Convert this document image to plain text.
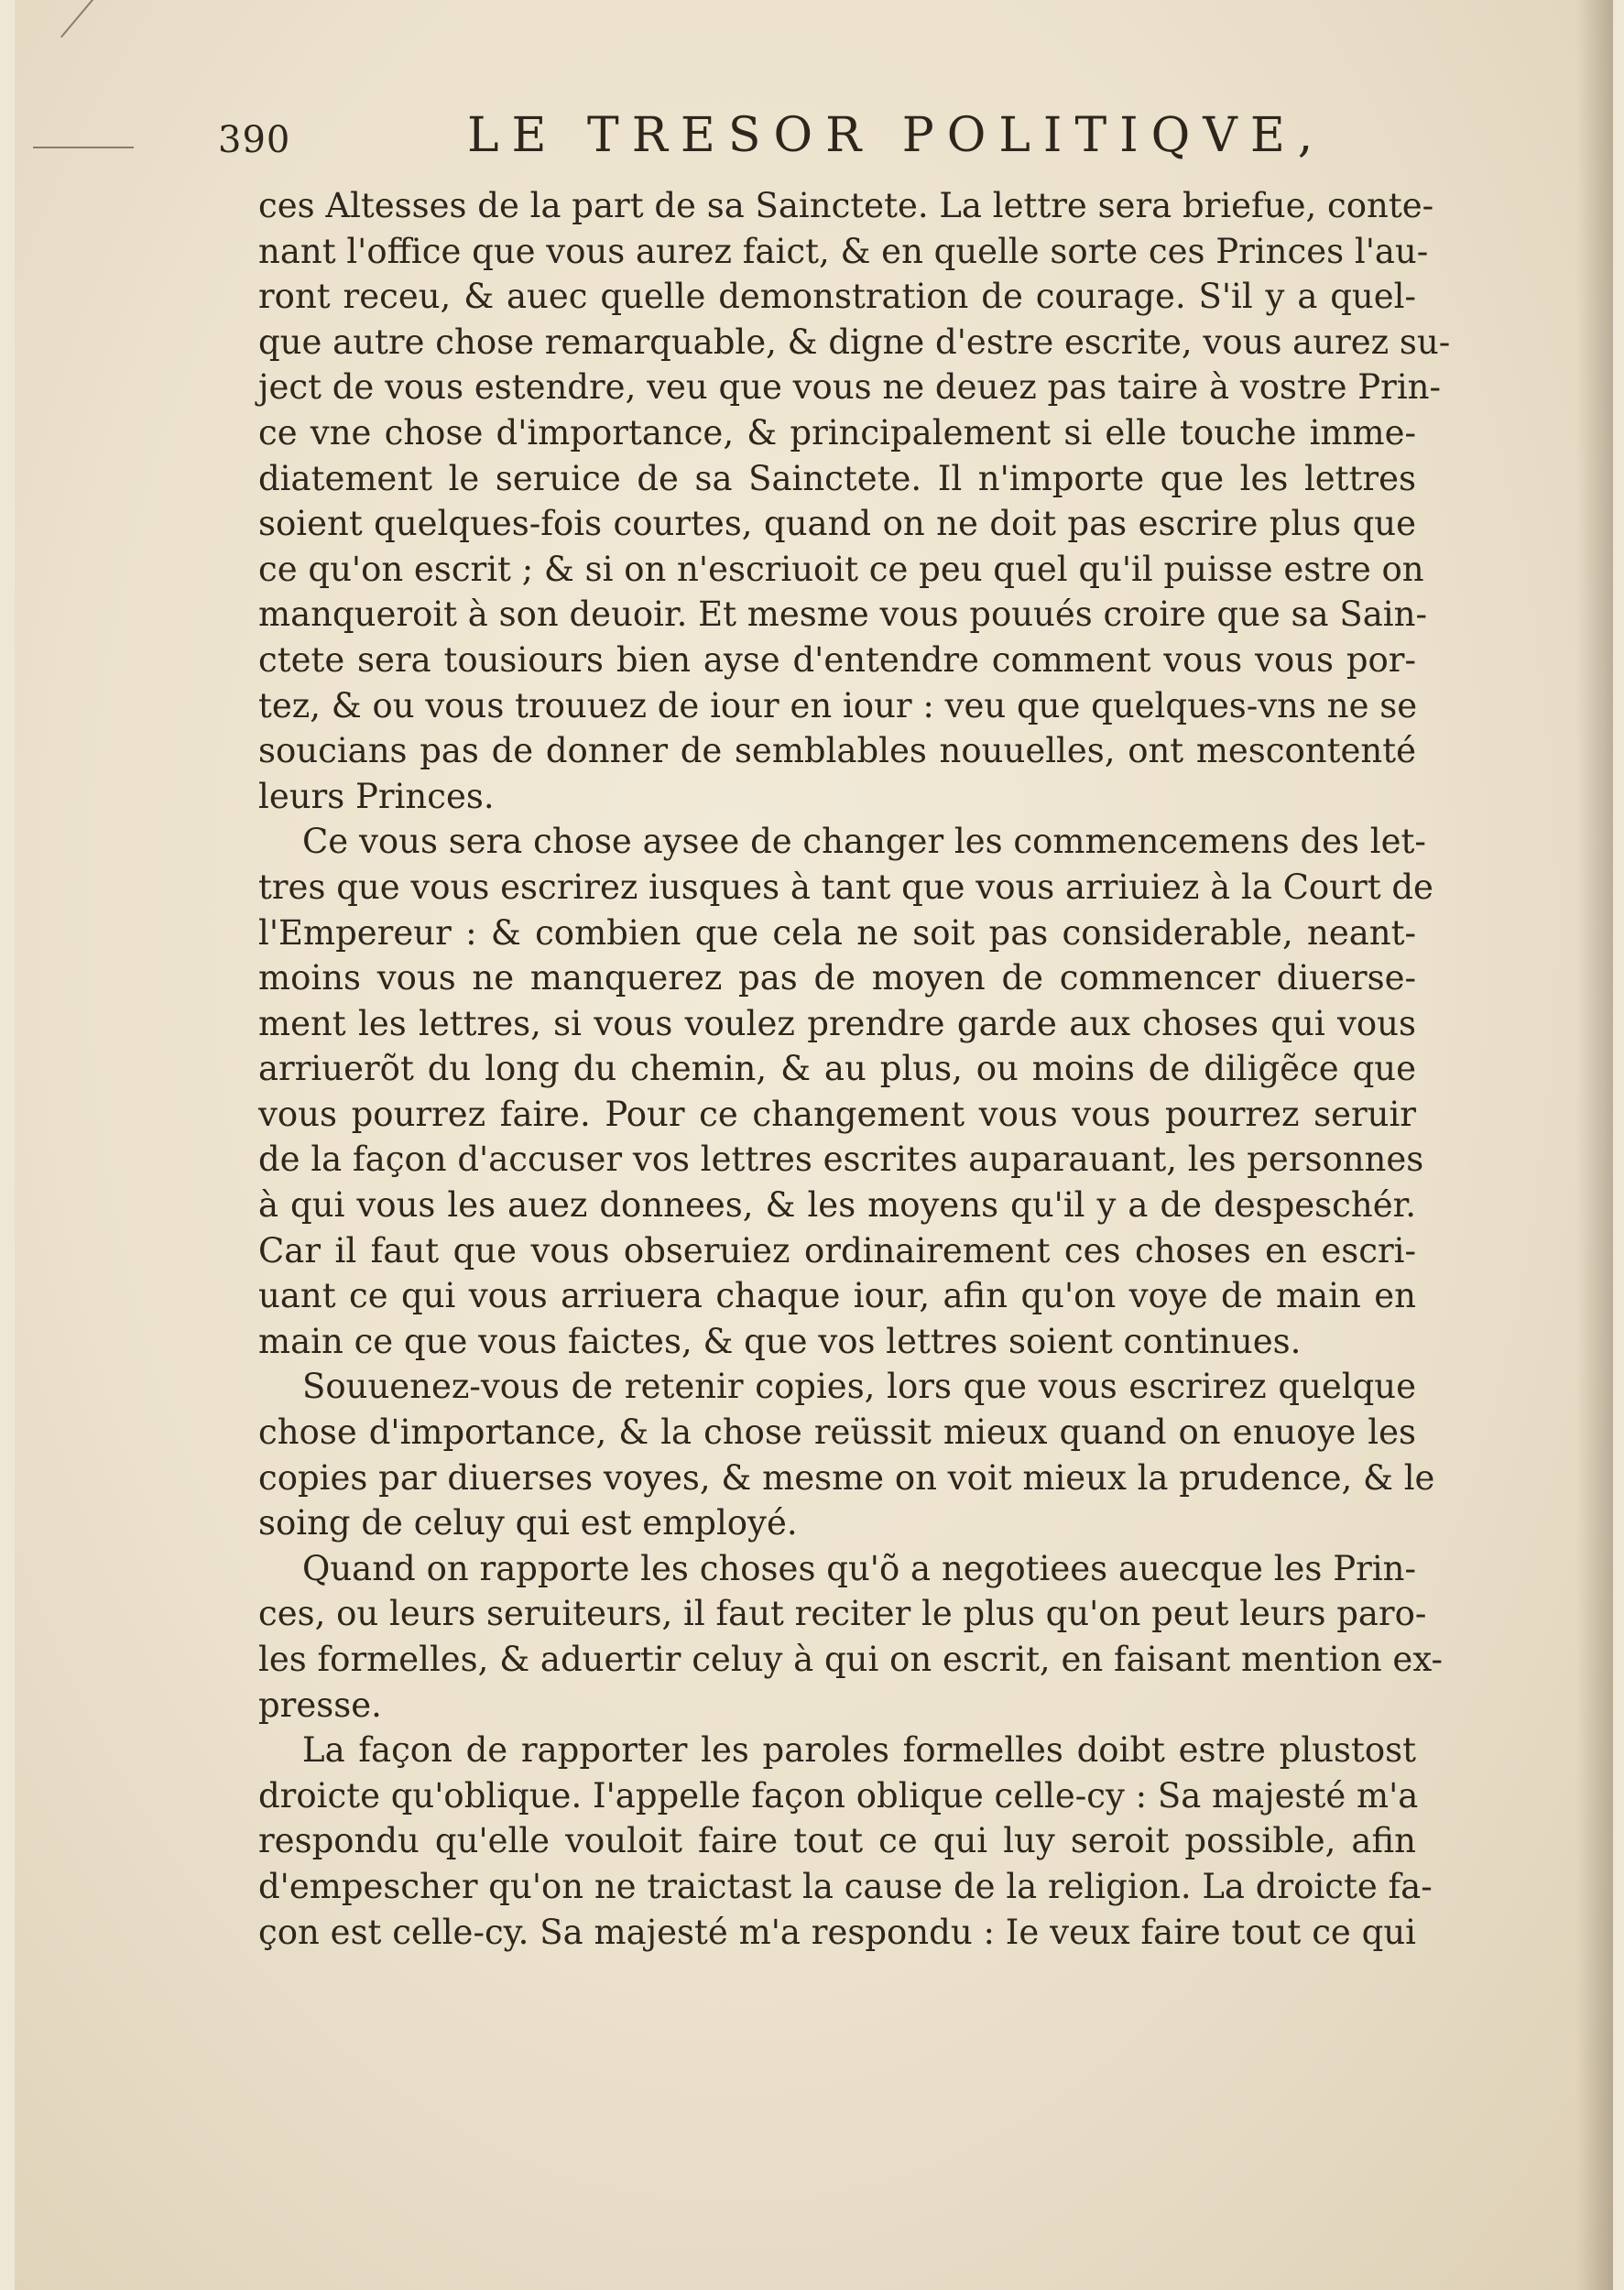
390	LE TRESOR POLITIQVE,
ces Altesses de la part de sa Sainctete. La lettre sera briefue, conte-
nant l'office que vous aurez faict, & en quelle sorte ces Princes l'au-
ront receu, & auec quelle demonstration de courage. S'il y a quel-
que autre chose remarquable, & digne d'estre escrite, vous aurez su-
ject de vous estendre, veu que vous ne deuez pas taire à vostre Prin-
ce vne chose d'importance, & principalement si elle touche imme-
diatement le seruice de sa Sainctete. Il n'importe que les lettres
soient quelques-fois courtes, quand on ne doit pas escrire plus que
ce qu'on escrit ; & si on n'escriuoit ce peu quel qu'il puisse estre on
manqueroit à son deuoir. Et mesme vous pouués croire que sa Sain-
ctete sera tousiours bien ayse d'entendre comment vous vous por-
tez, & ou vous trouuez de iour en iour : veu que quelques-vns ne se
soucians pas de donner de semblables nouuelles, ont mescontenté
leurs Princes.
Ce vous sera chose aysee de changer les commencemens des let-
tres que vous escrirez iusques à tant que vous arriuiez à la Court de
l'Empereur : & combien que cela ne soit pas considerable, neant-
moins vous ne manquerez pas de moyen de commencer diuerse-
ment les lettres, si vous voulez prendre garde aux choses qui vous
arriuerõt du long du chemin, & au plus, ou moins de diligẽce que
vous pourrez faire. Pour ce changement vous vous pourrez seruir
de la façon d'accuser vos lettres escrites auparauant, les personnes
à qui vous les auez donnees, & les moyens qu'il y a de despeschér.
Car il faut que vous obseruiez ordinairement ces choses en escri-
uant ce qui vous arriuera chaque iour, afin qu'on voye de main en
main ce que vous faictes, & que vos lettres soient continues.
Souuenez-vous de retenir copies, lors que vous escrirez quelque
chose d'importance, & la chose reüssit mieux quand on enuoye les
copies par diuerses voyes, & mesme on voit mieux la prudence, & le
soing de celuy qui est employé.
Quand on rapporte les choses qu'õ a negotiees auecque les Prin-
ces, ou leurs seruiteurs, il faut reciter le plus qu'on peut leurs paro-
les formelles, & aduertir celuy à qui on escrit, en faisant mention ex-
presse.
La façon de rapporter les paroles formelles doibt estre plustost
droicte qu'oblique. I'appelle façon oblique celle-cy : Sa majesté m'a
respondu qu'elle vouloit faire tout ce qui luy seroit possible, afin
d'empescher qu'on ne traictast la cause de la religion. La droicte fa-
çon est celle-cy. Sa majesté m'a respondu : Ie veux faire tout ce qui
